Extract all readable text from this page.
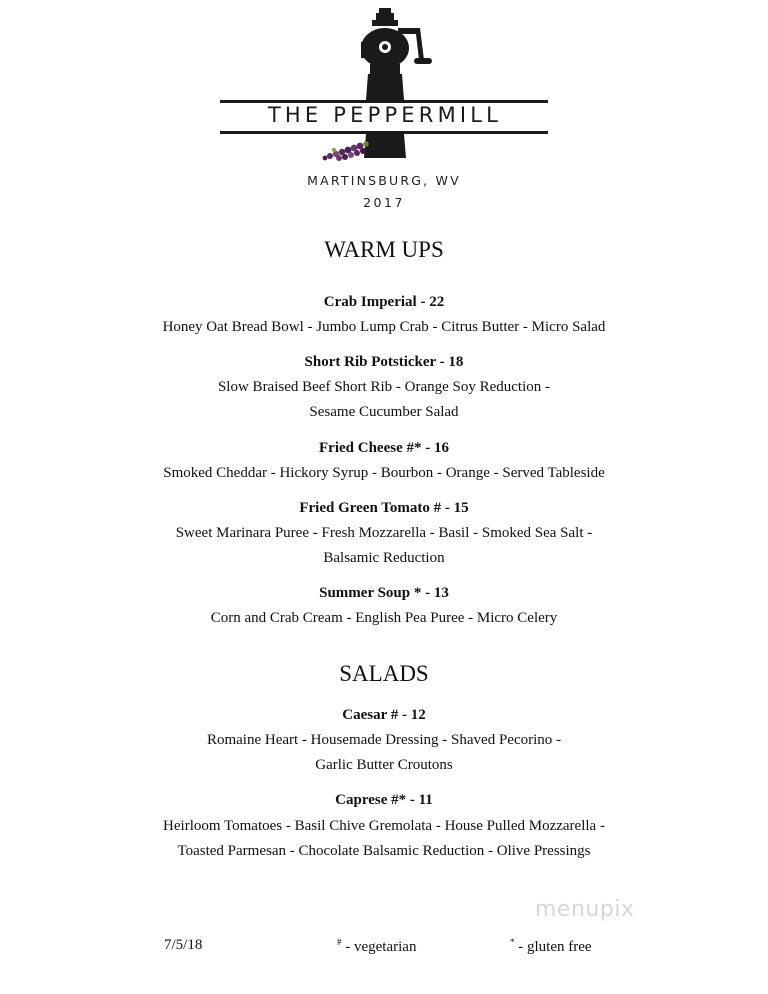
THE PEPPERMILL
MARTINSBURG, WV
2017
WARM UPS
Crab Imperial - 22
Honey Oat Bread Bowl - Jumbo Lump Crab - Citrus Butter - Micro Salad
Short Rib Potsticker - 18
Slow Braised Beef Short Rib - Orange Soy Reduction -
Sesame Cucumber Salad
Fried Cheese #* - 16
Smoked Cheddar - Hickory Syrup - Bourbon - Orange - Served Tableside
Fried Green Tomato # - 15
Sweet Marinara Puree - Fresh Mozzarella - Basil - Smoked Sea Salt -
Balsamic Reduction
Summer Soup * - 13
Corn and Crab Cream - English Pea Puree - Micro Celery
SALADS
Caesar # - 12
Romaine Heart - Housemade Dressing - Shaved Pecorino -
Garlic Butter Croutons
Caprese #* - 11
Heirloom Tomatoes - Basil Chive Gremolata - House Pulled Mozzarella -
Toasted Parmesan - Chocolate Balsamic Reduction - Olive Pressings
menupix
7/5/18	# - vegetarian	* - gluten free
